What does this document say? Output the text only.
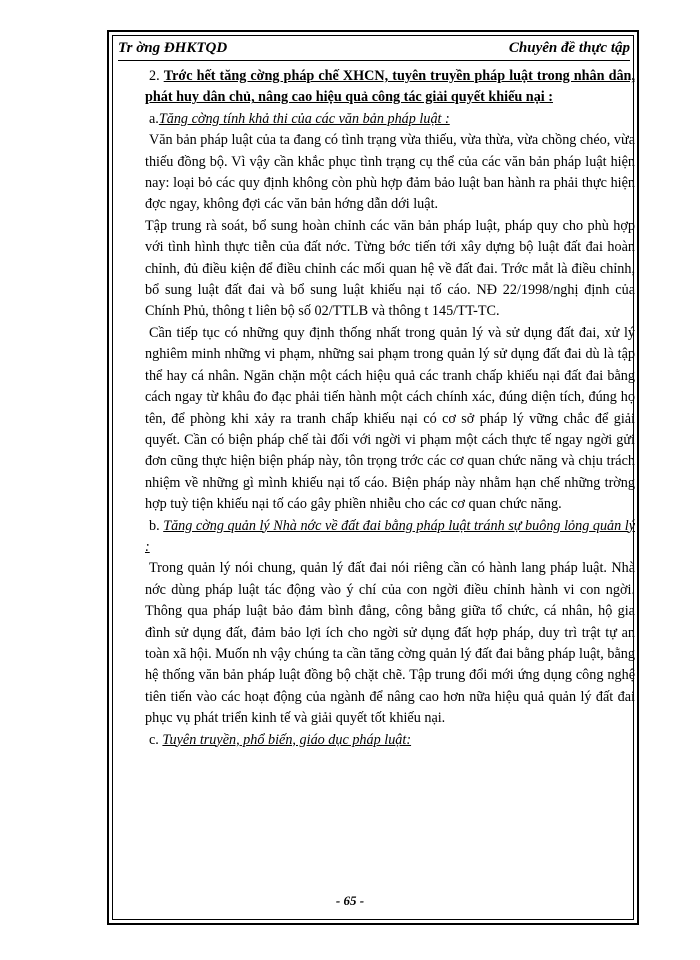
Tr ờng ĐHKTQD	Chuyên đề thực tập

2. Trớc hết tăng cờng pháp chế XHCN, tuyên truyền pháp luật trong nhân dân, phát huy dân chủ, nâng cao hiệu quả công tác giải quyết khiếu nại :

a.Tăng cờng tính khả thi của các văn bản pháp luật :

Văn bản pháp luật của ta đang có tình trạng vừa thiếu, vừa thừa, vừa chồng chéo, vừa thiếu đồng bộ. Vì vậy cần khắc phục tình trạng cụ thể của các văn bản pháp luật hiện nay: loại bỏ các quy định không còn phù hợp đảm bảo luật ban hành ra phải thực hiện đợc ngay, không đợi các văn bản hớng dẫn dới luật.

Tập trung rà soát, bổ sung hoàn chỉnh các văn bản pháp luật, pháp quy cho phù hợp với tình hình thực tiễn của đất nớc. Từng bớc tiến tới xây dựng bộ luật đất đai hoàn chỉnh, đủ điều kiện để điều chỉnh các mối quan hệ về đất đai. Trớc mắt là điều chỉnh, bổ sung luật đất đai và bổ sung luật khiếu nại tố cáo. NĐ 22/1998/nghị định của Chính Phủ, thông t liên bộ số 02/TTLB và thông t 145/TT-TC.

Cần tiếp tục có những quy định thống nhất trong quản lý và sử dụng đất đai, xử lý nghiêm minh những vi phạm, những sai phạm trong quản lý sử dụng đất đai dù là tập thể hay cá nhân. Ngăn chặn một cách hiệu quả các tranh chấp khiếu nại đất đai bằng cách ngay từ khâu đo đạc phải tiến hành một cách chính xác, đúng diện tích, đúng họ tên, để phòng khi xảy ra tranh chấp khiếu nại có cơ sở pháp lý vững chắc để giải quyết. Cần có biện pháp chế tài đối với ngời vi phạm một cách thực tế ngay ngời gửi đơn cũng thực hiện biện pháp này, tôn trọng trớc các cơ quan chức năng và chịu trách nhiệm về những gì mình khiếu nại tố cáo. Biện pháp này nhằm hạn chế những trờng hợp tuỳ tiện khiếu nại tố cáo gây phiền nhiễu cho các cơ quan chức năng.

b. Tăng cờng quản lý Nhà nớc về đất đai bằng pháp luật tránh sự buông lỏng quản lý :

Trong quản lý nói chung, quản lý đất đai nói riêng cần có hành lang pháp luật. Nhà nớc dùng pháp luật tác động vào ý chí của con ngời điều chỉnh hành vi con ngời. Thông qua pháp luật bảo đảm bình đẳng, công bằng giữa tổ chức, cá nhân, hộ gia đình sử dụng đất, đảm bảo lợi ích cho ngời sử dụng đất hợp pháp, duy trì trật tự an toàn xã hội. Muốn nh vậy chúng ta cần tăng cờng quản lý đất đai bằng pháp luật, bằng hệ thống văn bản pháp luật đồng bộ chặt chẽ. Tập trung đổi mới ứng dụng công nghệ tiên tiến vào các hoạt động của ngành để nâng cao hơn nữa hiệu quả quản lý đất đai phục vụ phát triển kinh tế và giải quyết tốt khiếu nại.

c. Tuyên truyền, phổ biến, giáo dục pháp luật:

- 65 -
